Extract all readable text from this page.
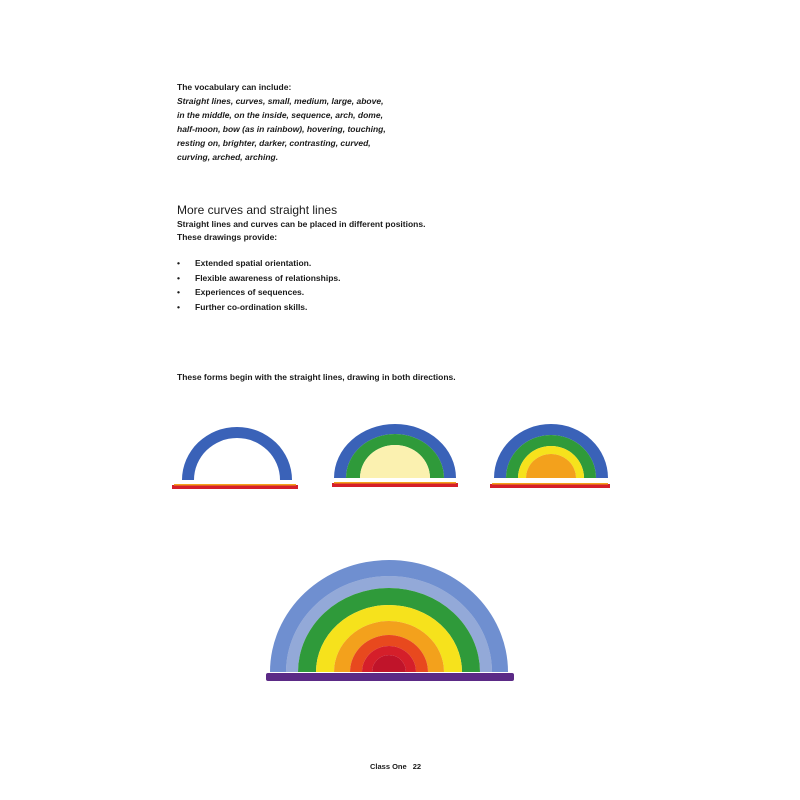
The vocabulary can include:
Straight lines, curves, small, medium, large, above, in the middle, on the inside, sequence, arch, dome, half-moon, bow (as in rainbow), hovering, touching, resting on, brighter, darker, contrasting, curved, curving, arched, arching.
More curves and straight lines
Straight lines and curves can be placed in different positions.
These drawings provide:
• Extended spatial orientation.
• Flexible awareness of relationships.
• Experiences of sequences.
• Further co-ordination skills.
These forms begin with the straight lines, drawing in both directions.
Class One 22
